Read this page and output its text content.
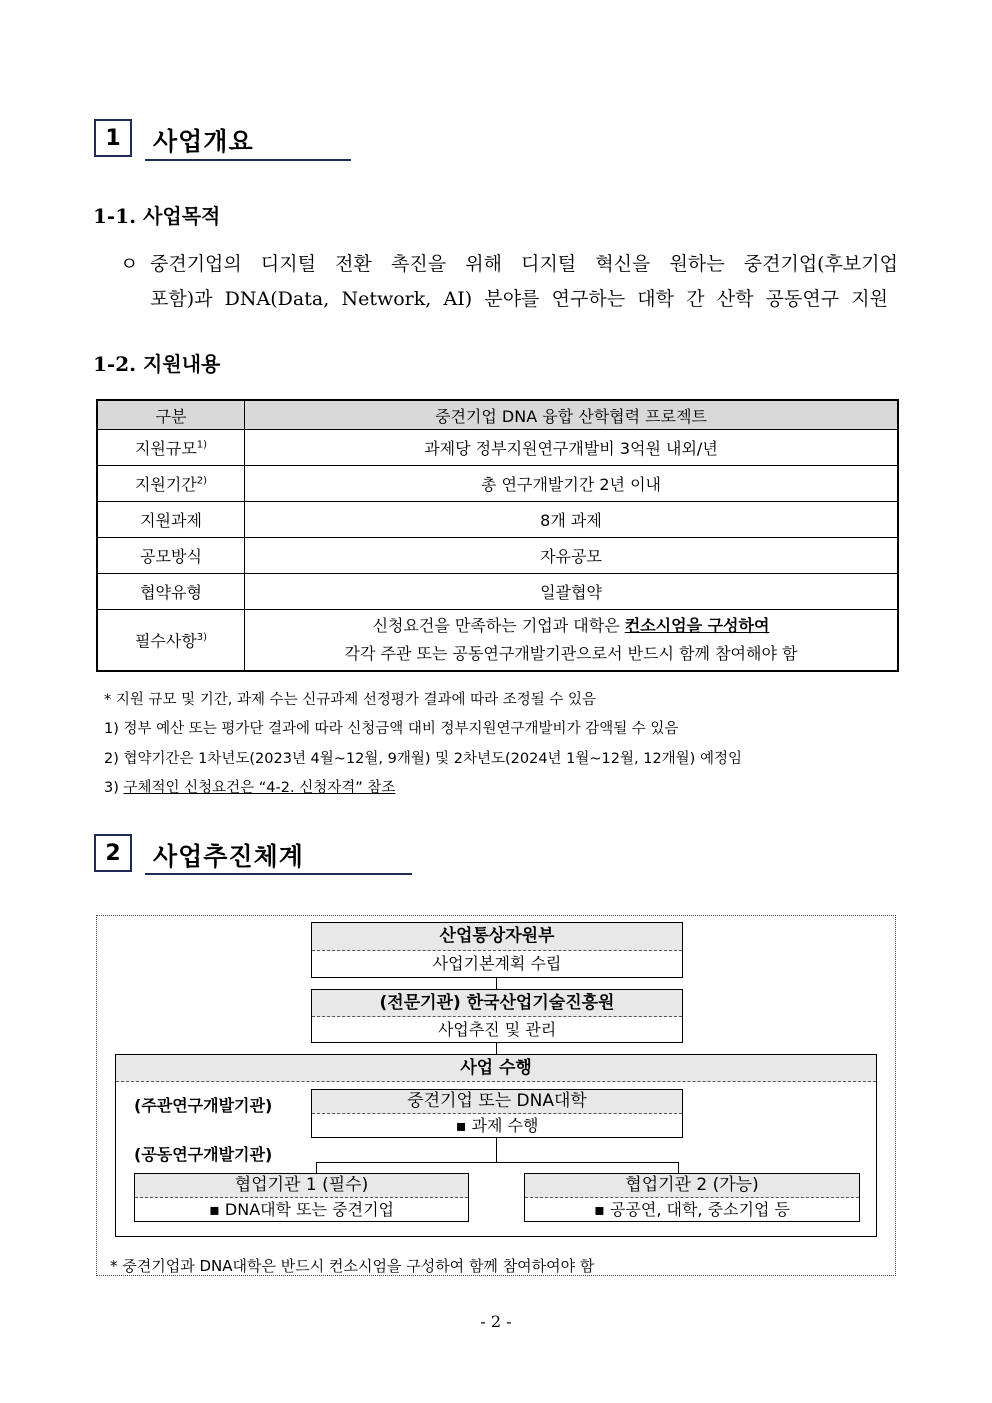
1 사업개요
1-1. 사업목적
ㅇ 중견기업의 디지털 전환 촉진을 위해 디지털 혁신을 원하는 중견기업(후보기업
포함)과 DNA(Data, Network, AI) 분야를 연구하는 대학 간 산학 공동연구 지원
1-2. 지원내용
구분	중견기업 DNA 융합 산학협력 프로젝트
지원규모$^{1)}$	과제당 정부지원연구개발비 3억원 내외/년
지원기간$^{2)}$	총 연구개발기간 2년 이내
지원과제	8개 과제
공모방식	자유공모
협약유형	일괄협약
필수사항$^{3)}$	신청요건을 만족하는 기업과 대학은 컨소시엄을 구성하여
각각 주관 또는 공동연구개발기관으로서 반드시 함께 참여해야 함
* 지원 규모 및 기간, 과제 수는 신규과제 선정평가 결과에 따라 조정될 수 있음
1) 정부 예산 또는 평가단 결과에 따라 신청금액 대비 정부지원연구개발비가 감액될 수 있음
2) 협약기간은 1차년도(2023년 4월~12월, 9개월) 및 2차년도(2024년 1월~12월, 12개월) 예정임
3) 구체적인 신청요건은 “4-2. 신청자격” 참조
2 사업추진체계
산업통상자원부
사업기본계획 수립
(전문기관) 한국산업기술진흥원
사업추진 및 관리
사업 수행
(주관연구개발기관)	중견기업 또는 DNA대학
▪ 과제 수행
(공동연구개발기관)
협업기관 1 (필수)
▪ DNA대학 또는 중견기업
협업기관 2 (가능)
▪ 공공연, 대학, 중소기업 등
* 중견기업과 DNA대학은 반드시 컨소시엄을 구성하여 함께 참여하여야 함
- 2 -
